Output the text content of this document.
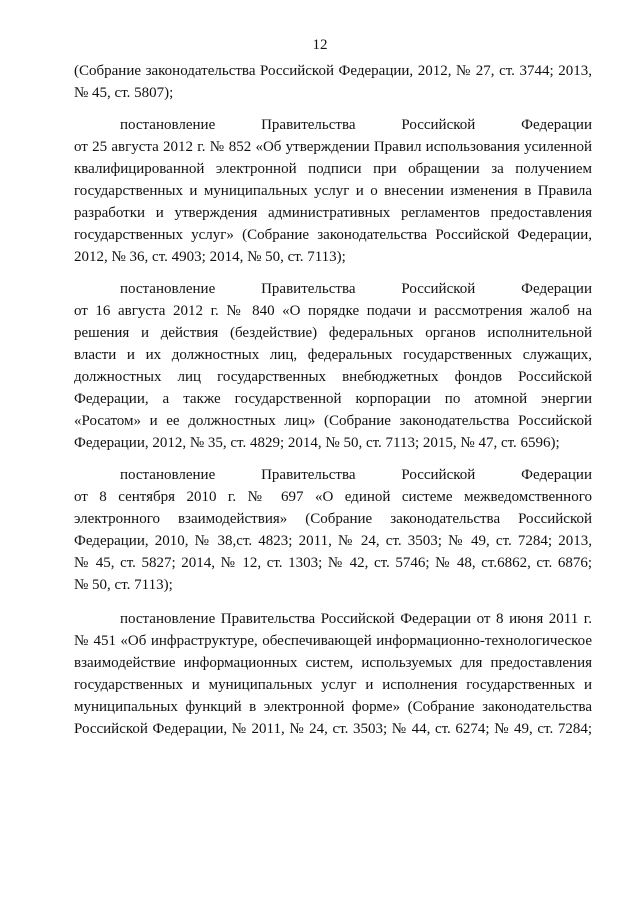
12
(Собрание законодательства Российской Федерации, 2012, № 27, ст. 3744; 2013,
№ 45, ст. 5807);
постановление Правительства Российской Федерации
от 25 августа 2012 г. № 852 «Об утверждении Правил использования усиленной
квалифицированной электронной подписи при обращении за получением
государственных и муниципальных услуг и о внесении изменения в Правила
разработки и утверждения административных регламентов предоставления
государственных услуг» (Собрание законодательства Российской Федерации,
2012, № 36, ст. 4903; 2014, № 50, ст. 7113);
постановление Правительства Российской Федерации
от 16 августа 2012 г. № 840 «О порядке подачи и рассмотрения жалоб на
решения и действия (бездействие) федеральных органов исполнительной
власти и их должностных лиц, федеральных государственных служащих,
должностных лиц государственных внебюджетных фондов Российской
Федерации, а также государственной корпорации по атомной энергии
«Росатом» и ее должностных лиц» (Собрание законодательства Российской
Федерации, 2012, № 35, ст. 4829; 2014, № 50, ст. 7113; 2015, № 47, ст. 6596);
постановление Правительства Российской Федерации
от 8 сентября 2010 г. № 697 «О единой системе межведомственного
электронного взаимодействия» (Собрание законодательства Российской
Федерации, 2010, № 38,ст. 4823; 2011, № 24, ст. 3503; № 49, ст. 7284; 2013,
№ 45, ст. 5827; 2014, № 12, ст. 1303; № 42, ст. 5746; № 48, ст.6862, ст. 6876;
№ 50, ст. 7113);
постановление Правительства Российской Федерации от 8 июня 2011 г.
№ 451 «Об инфраструктуре, обеспечивающей информационно-технологическое
взаимодействие информационных систем, используемых для предоставления
государственных и муниципальных услуг и исполнения государственных и
муниципальных функций в электронной форме» (Собрание законодательства
Российской Федерации, № 2011, № 24, ст. 3503; № 44, ст. 6274; № 49, ст. 7284;
